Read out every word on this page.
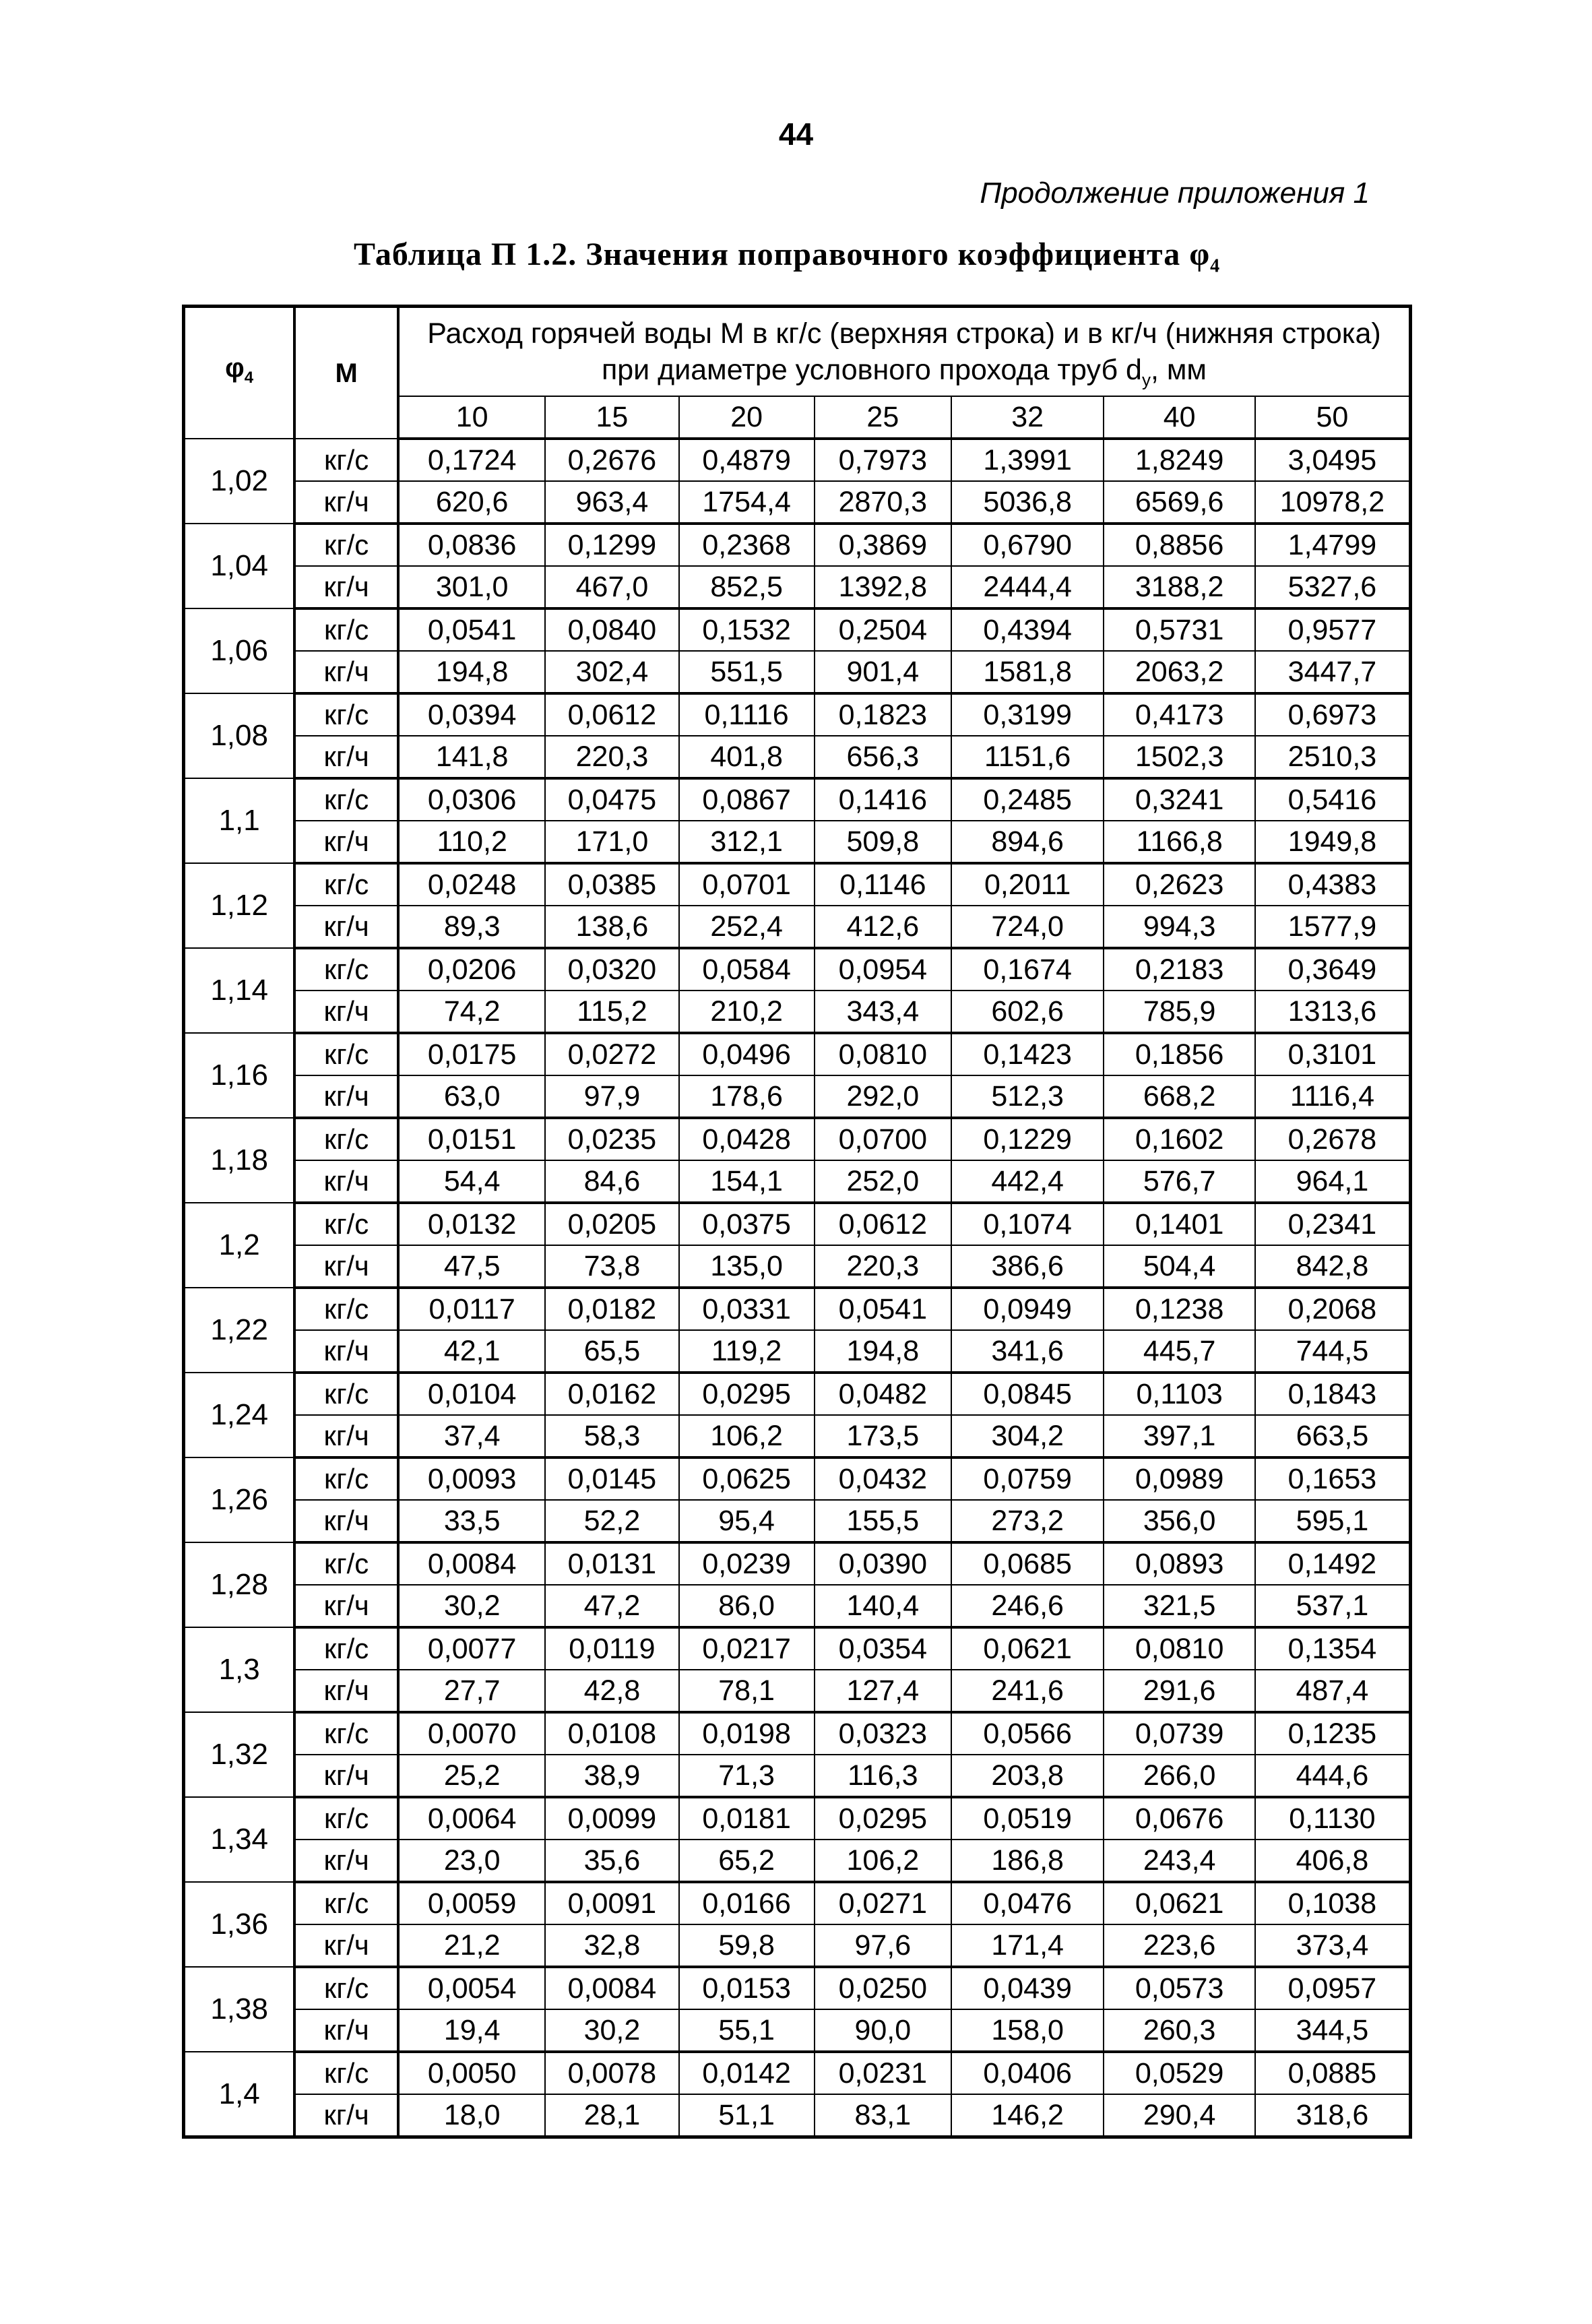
44
Продолжение приложения 1
Таблица П 1.2. Значения поправочного коэффициента $\varphi_4$
$\varphi_4$	М	Расход горячей воды М в кг/с (верхняя строка) и в кг/ч (нижняя строка) при диаметре условного прохода труб $d_у$, мм						
		10	15	20	25	32	40	50
1,02	кг/с	0,1724	0,2676	0,4879	0,7973	1,3991	1,8249	3,0495
	кг/ч	620,6	963,4	1754,4	2870,3	5036,8	6569,6	10978,2
1,04	кг/с	0,0836	0,1299	0,2368	0,3869	0,6790	0,8856	1,4799
	кг/ч	301,0	467,0	852,5	1392,8	2444,4	3188,2	5327,6
1,06	кг/с	0,0541	0,0840	0,1532	0,2504	0,4394	0,5731	0,9577
	кг/ч	194,8	302,4	551,5	901,4	1581,8	2063,2	3447,7
1,08	кг/с	0,0394	0,0612	0,1116	0,1823	0,3199	0,4173	0,6973
	кг/ч	141,8	220,3	401,8	656,3	1151,6	1502,3	2510,3
1,1	кг/с	0,0306	0,0475	0,0867	0,1416	0,2485	0,3241	0,5416
	кг/ч	110,2	171,0	312,1	509,8	894,6	1166,8	1949,8
1,12	кг/с	0,0248	0,0385	0,0701	0,1146	0,2011	0,2623	0,4383
	кг/ч	89,3	138,6	252,4	412,6	724,0	994,3	1577,9
1,14	кг/с	0,0206	0,0320	0,0584	0,0954	0,1674	0,2183	0,3649
	кг/ч	74,2	115,2	210,2	343,4	602,6	785,9	1313,6
1,16	кг/с	0,0175	0,0272	0,0496	0,0810	0,1423	0,1856	0,3101
	кг/ч	63,0	97,9	178,6	292,0	512,3	668,2	1116,4
1,18	кг/с	0,0151	0,0235	0,0428	0,0700	0,1229	0,1602	0,2678
	кг/ч	54,4	84,6	154,1	252,0	442,4	576,7	964,1
1,2	кг/с	0,0132	0,0205	0,0375	0,0612	0,1074	0,1401	0,2341
	кг/ч	47,5	73,8	135,0	220,3	386,6	504,4	842,8
1,22	кг/с	0,0117	0,0182	0,0331	0,0541	0,0949	0,1238	0,2068
	кг/ч	42,1	65,5	119,2	194,8	341,6	445,7	744,5
1,24	кг/с	0,0104	0,0162	0,0295	0,0482	0,0845	0,1103	0,1843
	кг/ч	37,4	58,3	106,2	173,5	304,2	397,1	663,5
1,26	кг/с	0,0093	0,0145	0,0625	0,0432	0,0759	0,0989	0,1653
	кг/ч	33,5	52,2	95,4	155,5	273,2	356,0	595,1
1,28	кг/с	0,0084	0,0131	0,0239	0,0390	0,0685	0,0893	0,1492
	кг/ч	30,2	47,2	86,0	140,4	246,6	321,5	537,1
1,3	кг/с	0,0077	0,0119	0,0217	0,0354	0,0621	0,0810	0,1354
	кг/ч	27,7	42,8	78,1	127,4	241,6	291,6	487,4
1,32	кг/с	0,0070	0,0108	0,0198	0,0323	0,0566	0,0739	0,1235
	кг/ч	25,2	38,9	71,3	116,3	203,8	266,0	444,6
1,34	кг/с	0,0064	0,0099	0,0181	0,0295	0,0519	0,0676	0,1130
	кг/ч	23,0	35,6	65,2	106,2	186,8	243,4	406,8
1,36	кг/с	0,0059	0,0091	0,0166	0,0271	0,0476	0,0621	0,1038
	кг/ч	21,2	32,8	59,8	97,6	171,4	223,6	373,4
1,38	кг/с	0,0054	0,0084	0,0153	0,0250	0,0439	0,0573	0,0957
	кг/ч	19,4	30,2	55,1	90,0	158,0	260,3	344,5
1,4	кг/с	0,0050	0,0078	0,0142	0,0231	0,0406	0,0529	0,0885
	кг/ч	18,0	28,1	51,1	83,1	146,2	290,4	318,6
